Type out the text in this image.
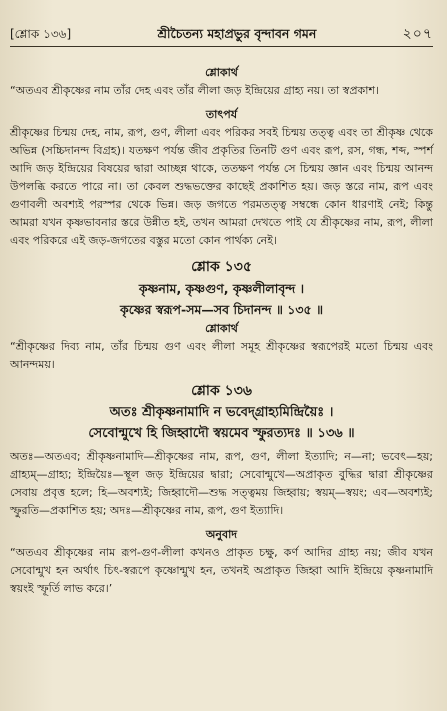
[শ্লোক ১৩৬]	শ্রীচৈতন্য মহাপ্রভুর বৃন্দাবন গমন	২০৭
শ্লোকার্থ

“অতএব শ্রীকৃষ্ণের নাম তাঁর দেহ এবং তাঁর লীলা জড় ইন্দ্রিয়ের গ্রাহ্য নয়। তা স্বপ্রকাশ।

তাৎপর্য

শ্রীকৃষ্ণের চিন্ময় দেহ, নাম, রূপ, গুণ, লীলা এবং পরিকর সবই চিন্ময় তত্ত্ব এবং তা শ্রীকৃষ্ণ থেকে অভিন্ন (সচ্চিদানন্দ বিগ্রহ)। যতক্ষণ পর্যন্ত জীব প্রকৃতির তিনটি গুণ এবং রূপ, রস, গন্ধ, শব্দ, স্পর্শ আদি জড় ইন্দ্রিয়ের বিষয়ের দ্বারা আচ্ছন্ন থাকে, ততক্ষণ পর্যন্ত সে চিন্ময় জ্ঞান এবং চিন্ময় আনন্দ উপলব্ধি করতে পারে না। তা কেবল শুদ্ধভক্তের কাছেই প্রকাশিত হয়। জড় স্তরে নাম, রূপ এবং গুণাবলী অবশ্যই পরস্পর থেকে ভিন্ন। জড় জগতে পরমতত্ত্ব সম্বন্ধে কোন ধারণাই নেই; কিন্তু আমরা যখন কৃষ্ণভাবনার স্তরে উন্নীত হই, তখন আমরা দেখতে পাই যে শ্রীকৃষ্ণের নাম, রূপ, লীলা এবং পরিকরে এই জড়-জগতের বস্তুর মতো কোন পার্থক্য নেই।

শ্লোক ১৩৫
কৃষ্ণনাম, কৃষ্ণগুণ, কৃষ্ণলীলাবৃন্দ ।
কৃষ্ণের স্বরূপ-সম—সব চিদানন্দ ॥ ১৩৫ ॥
শ্লোকার্থ

“শ্রীকৃষ্ণের দিব্য নাম, তাঁর চিন্ময় গুণ এবং লীলা সমূহ শ্রীকৃষ্ণের স্বরূপেরই মতো চিন্ময় এবং আনন্দময়।

শ্লোক ১৩৬
অতঃ শ্রীকৃষ্ণনামাদি ন ভবেদ্‌গ্রাহ্যমিন্দ্রিয়ৈঃ ।
সেবোন্মুখে হি জিহ্বাদৌ স্বয়মেব স্ফুরত্যদঃ ॥ ১৩৬ ॥

অতঃ—অতএব; শ্রীকৃষ্ণনামাদি—শ্রীকৃষ্ণের নাম, রূপ, গুণ, লীলা ইত্যাদি; ন—না; ভবেৎ—হয়; গ্রাহ্যম্—গ্রাহ্য; ইন্দ্রিয়ৈঃ—স্থূল জড় ইন্দ্রিয়ের দ্বারা; সেবোন্মুখে—অপ্রাকৃত বুদ্ধির দ্বারা শ্রীকৃষ্ণের সেবায় প্রবৃত্ত হলে; হি—অবশ্যই; জিহ্বাদৌ—শুদ্ধ সত্ত্বময় জিহ্বায়; স্বয়ম্—স্বয়ং; এব—অবশ্যই; স্ফুরতি—প্রকাশিত হয়; অদঃ—শ্রীকৃষ্ণের নাম, রূপ, গুণ ইত্যাদি।

অনুবাদ

“অতএব শ্রীকৃষ্ণের নাম রূপ-গুণ-লীলা কখনও প্রাকৃত চক্ষু, কর্ণ আদির গ্রাহ্য নয়; জীব যখন সেবোন্মুখ হন অর্থাৎ চিৎ-স্বরূপে কৃষ্ণোন্মুখ হন, তখনই অপ্রাকৃত জিহ্বা আদি ইন্দ্রিয়ে কৃষ্ণনামাদি স্বয়ংই স্ফূর্তি লাভ করে।’
